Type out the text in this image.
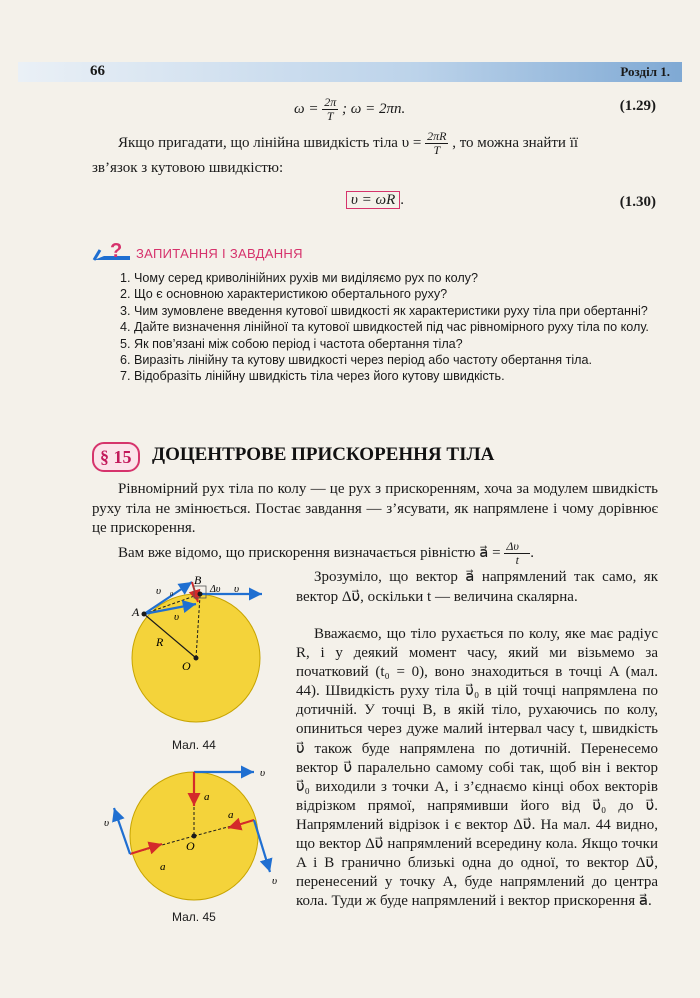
66	Розділ 1.
$\omega = \frac{2\pi}{T}$ ; ω = 2πn.	(1.29)
Якщо пригадати, що лінійна швидкість тіла $\upsilon = \frac{2\pi R}{T}$ , то можна знайти її
зв’язок з кутовою швидкістю:
υ = ωR .	(1.30)
? ЗАПИТАННЯ І ЗАВДАННЯ
1. Чому серед криволінійних рухів ми виділяємо рух по колу?
2. Що є основною характеристикою обертального руху?
3. Чим зумовлене введення кутової швидкості як характеристики руху тіла при обертанні?
4. Дайте визначення лінійної та кутової швидкостей під час рівномірного руху тіла по колу.
5. Як пов’язані між собою період і частота обертання тіла?
6. Виразіть лінійну та кутову швидкості через період або частоту обертання тіла.
7. Відобразіть лінійну швидкість тіла через його кутову швидкість.
§ 15	ДОЦЕНТРОВЕ ПРИСКОРЕННЯ ТІЛА
Рівномірний рух тіла по колу — це рух з прискоренням, хоча за модулем швидкість руху тіла не змінюється. Постає завдання — з’ясувати, як напрямлене і чому дорівнює це прискорення.
Вам вже відомо, що прискорення визначається рівністю a⃗ = $\frac{\Delta\upsilon⃗}{t}$ .
Зрозуміло, що вектор a⃗ напрямлений так само, як вектор Δυ⃗, оскільки t — величина скалярна.
Вважаємо, що тіло рухається по колу, яке має радіус R, і у деякий момент часу, який ми візьмемо за початковий (t₀ = 0), воно знаходиться в точці A (мал. 44). Швидкість руху тіла υ⃗₀ в цій точці напрямлена по дотичній. У точці B, в якій тіло, рухаючись по колу, опиниться через дуже малий інтервал часу t, швидкість υ⃗ також буде напрямлена по дотичній. Перенесемо вектор υ⃗ паралельно самому собі так, щоб він і вектор υ⃗₀ виходили з точки A, і з’єднаємо кінці обох векторів відрізком прямої, напрямивши його від υ⃗₀ до υ⃗. Напрямлений відрізок і є вектор Δυ⃗. На мал. 44 видно, що вектор Δυ⃗ напрямлений всередину кола. Якщо точки A і B гранично близькі одна до одної, то вектор Δυ⃗, перенесений у точку A, буде напрямлений до центра кола. Туди ж буде напрямлений і вектор прискорення a⃗.
υ⃗₀
B
Δυ⃗ υ⃗
A	υ⃗
R
O
Мал. 44
υ⃗
a⃗
a⃗
υ⃗
O
a⃗
υ⃗
Мал. 45
